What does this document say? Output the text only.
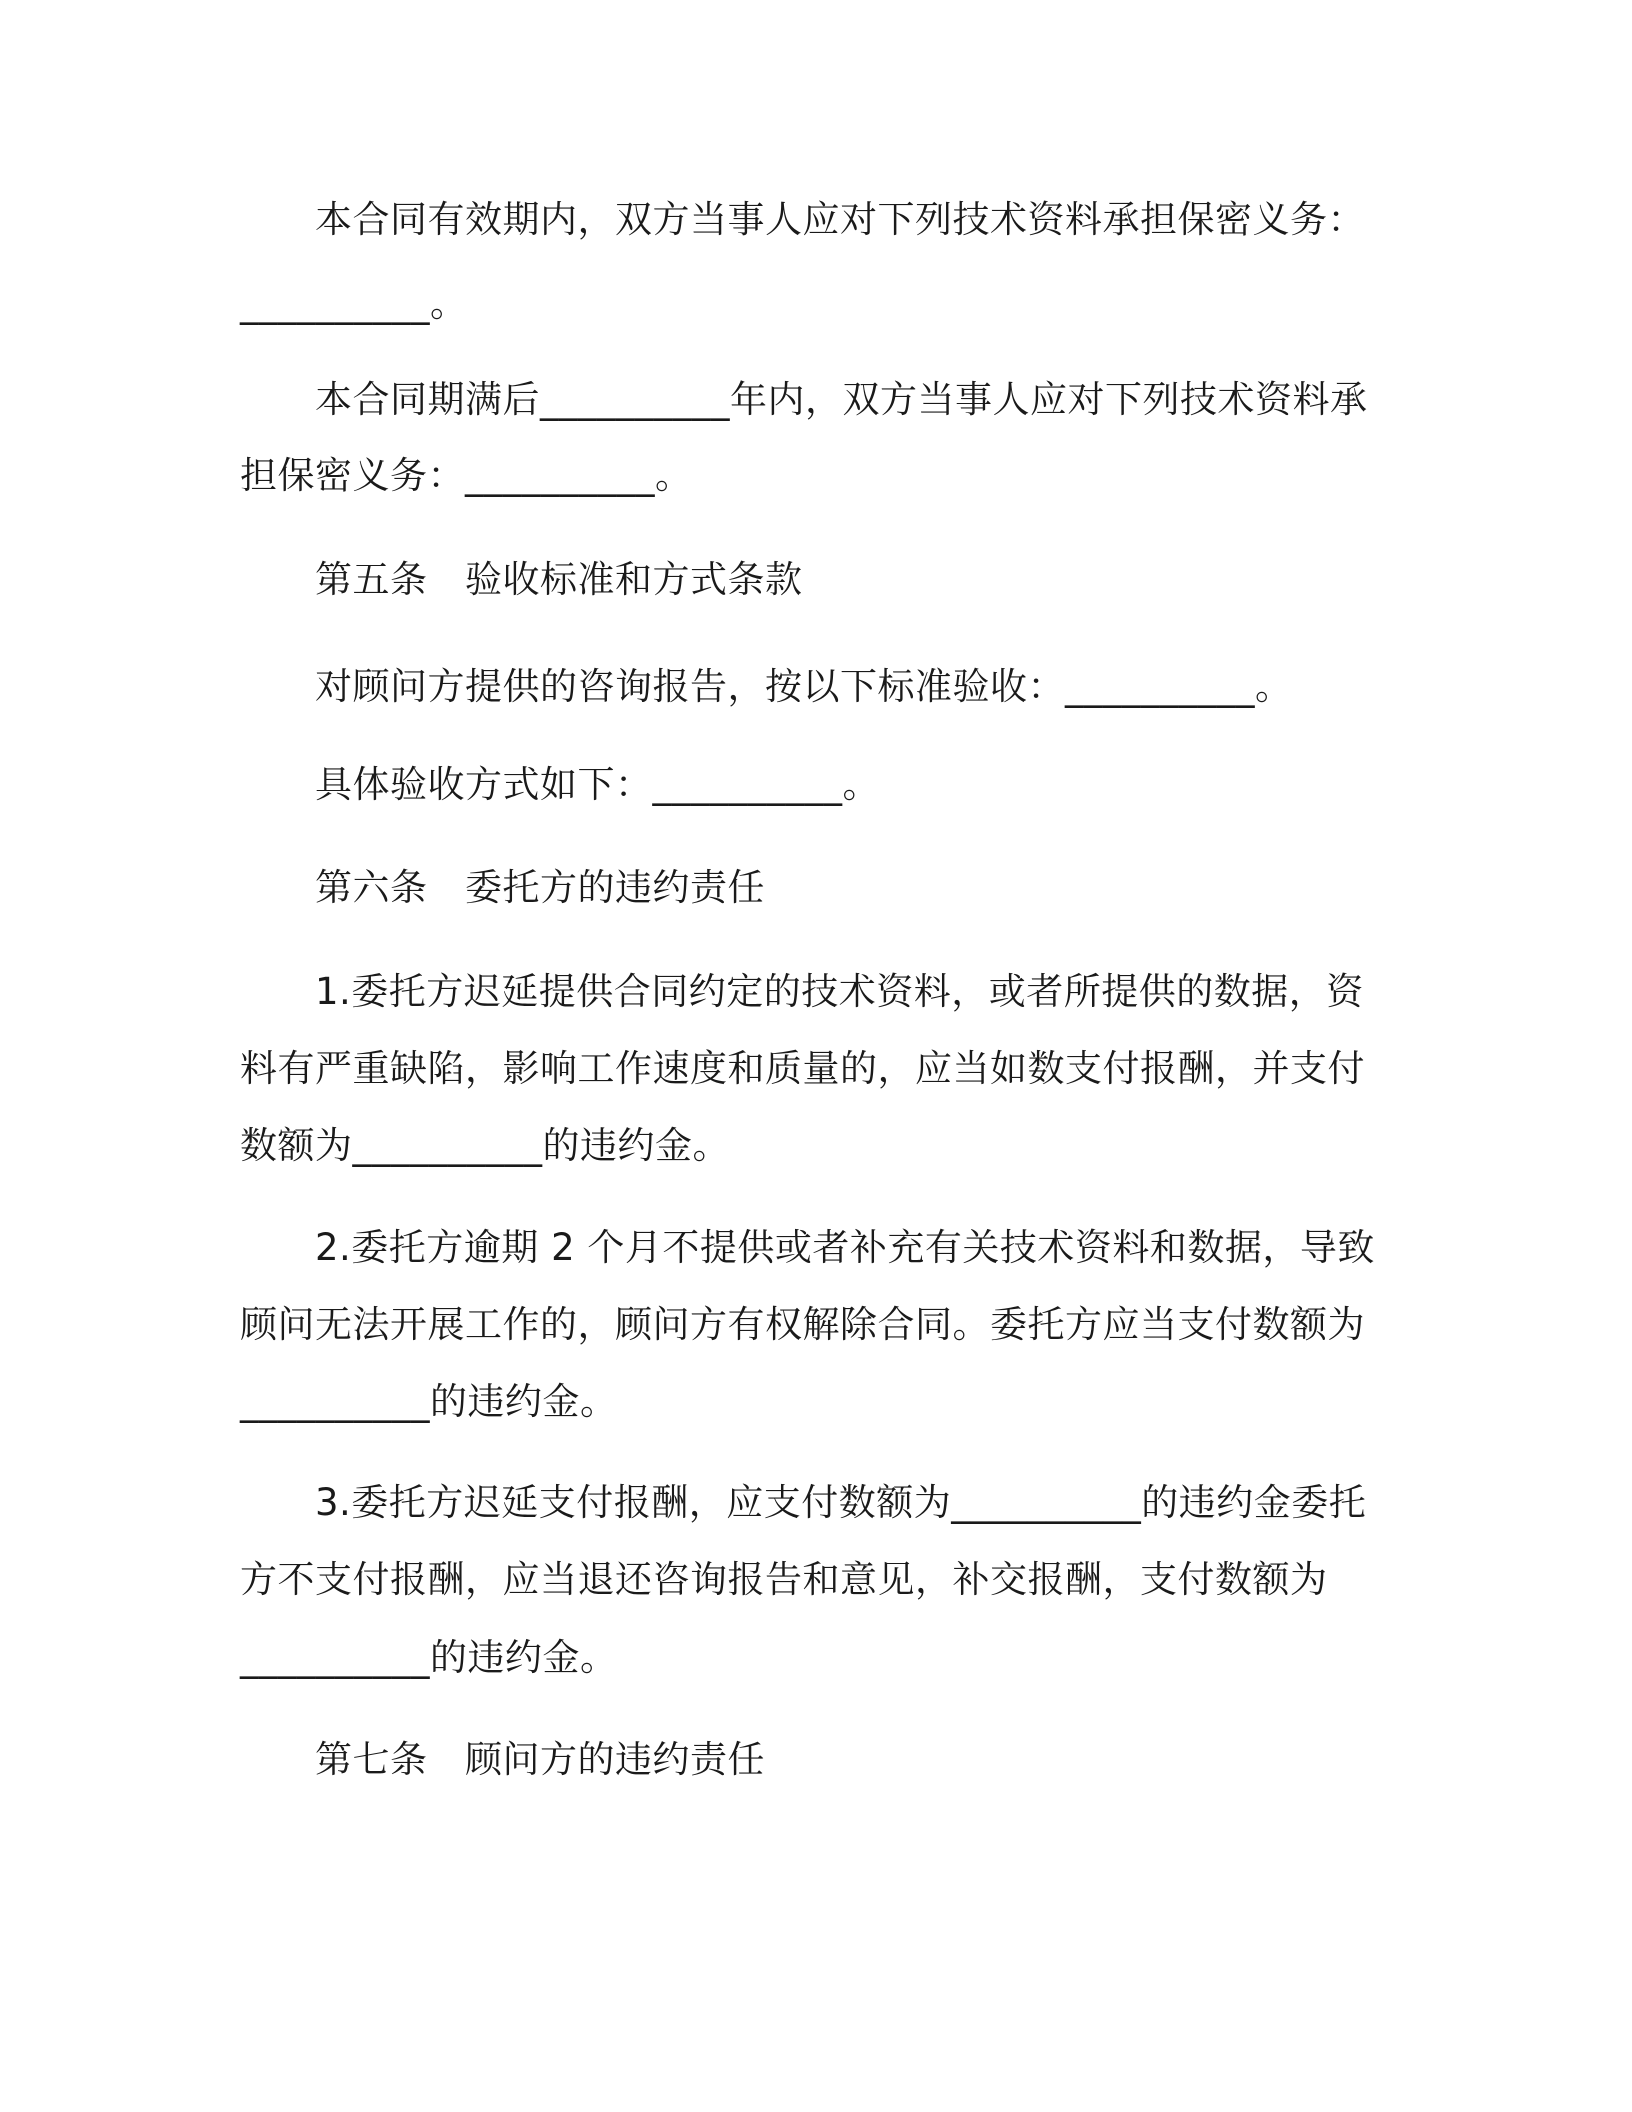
本合同有效期内，双方当事人应对下列技术资料承担保密义务：
__________。
本合同期满后__________年内，双方当事人应对下列技术资料承
担保密义务：__________。
第五条　验收标准和方式条款
对顾问方提供的咨询报告，按以下标准验收：__________。
具体验收方式如下：__________。
第六条　委托方的违约责任
1.委托方迟延提供合同约定的技术资料，或者所提供的数据，资
料有严重缺陷，影响工作速度和质量的，应当如数支付报酬，并支付
数额为__________的违约金。
2.委托方逾期 2 个月不提供或者补充有关技术资料和数据，导致
顾问无法开展工作的，顾问方有权解除合同。委托方应当支付数额为
__________的违约金。
3.委托方迟延支付报酬，应支付数额为__________的违约金委托
方不支付报酬，应当退还咨询报告和意见，补交报酬，支付数额为
__________的违约金。
第七条　顾问方的违约责任
